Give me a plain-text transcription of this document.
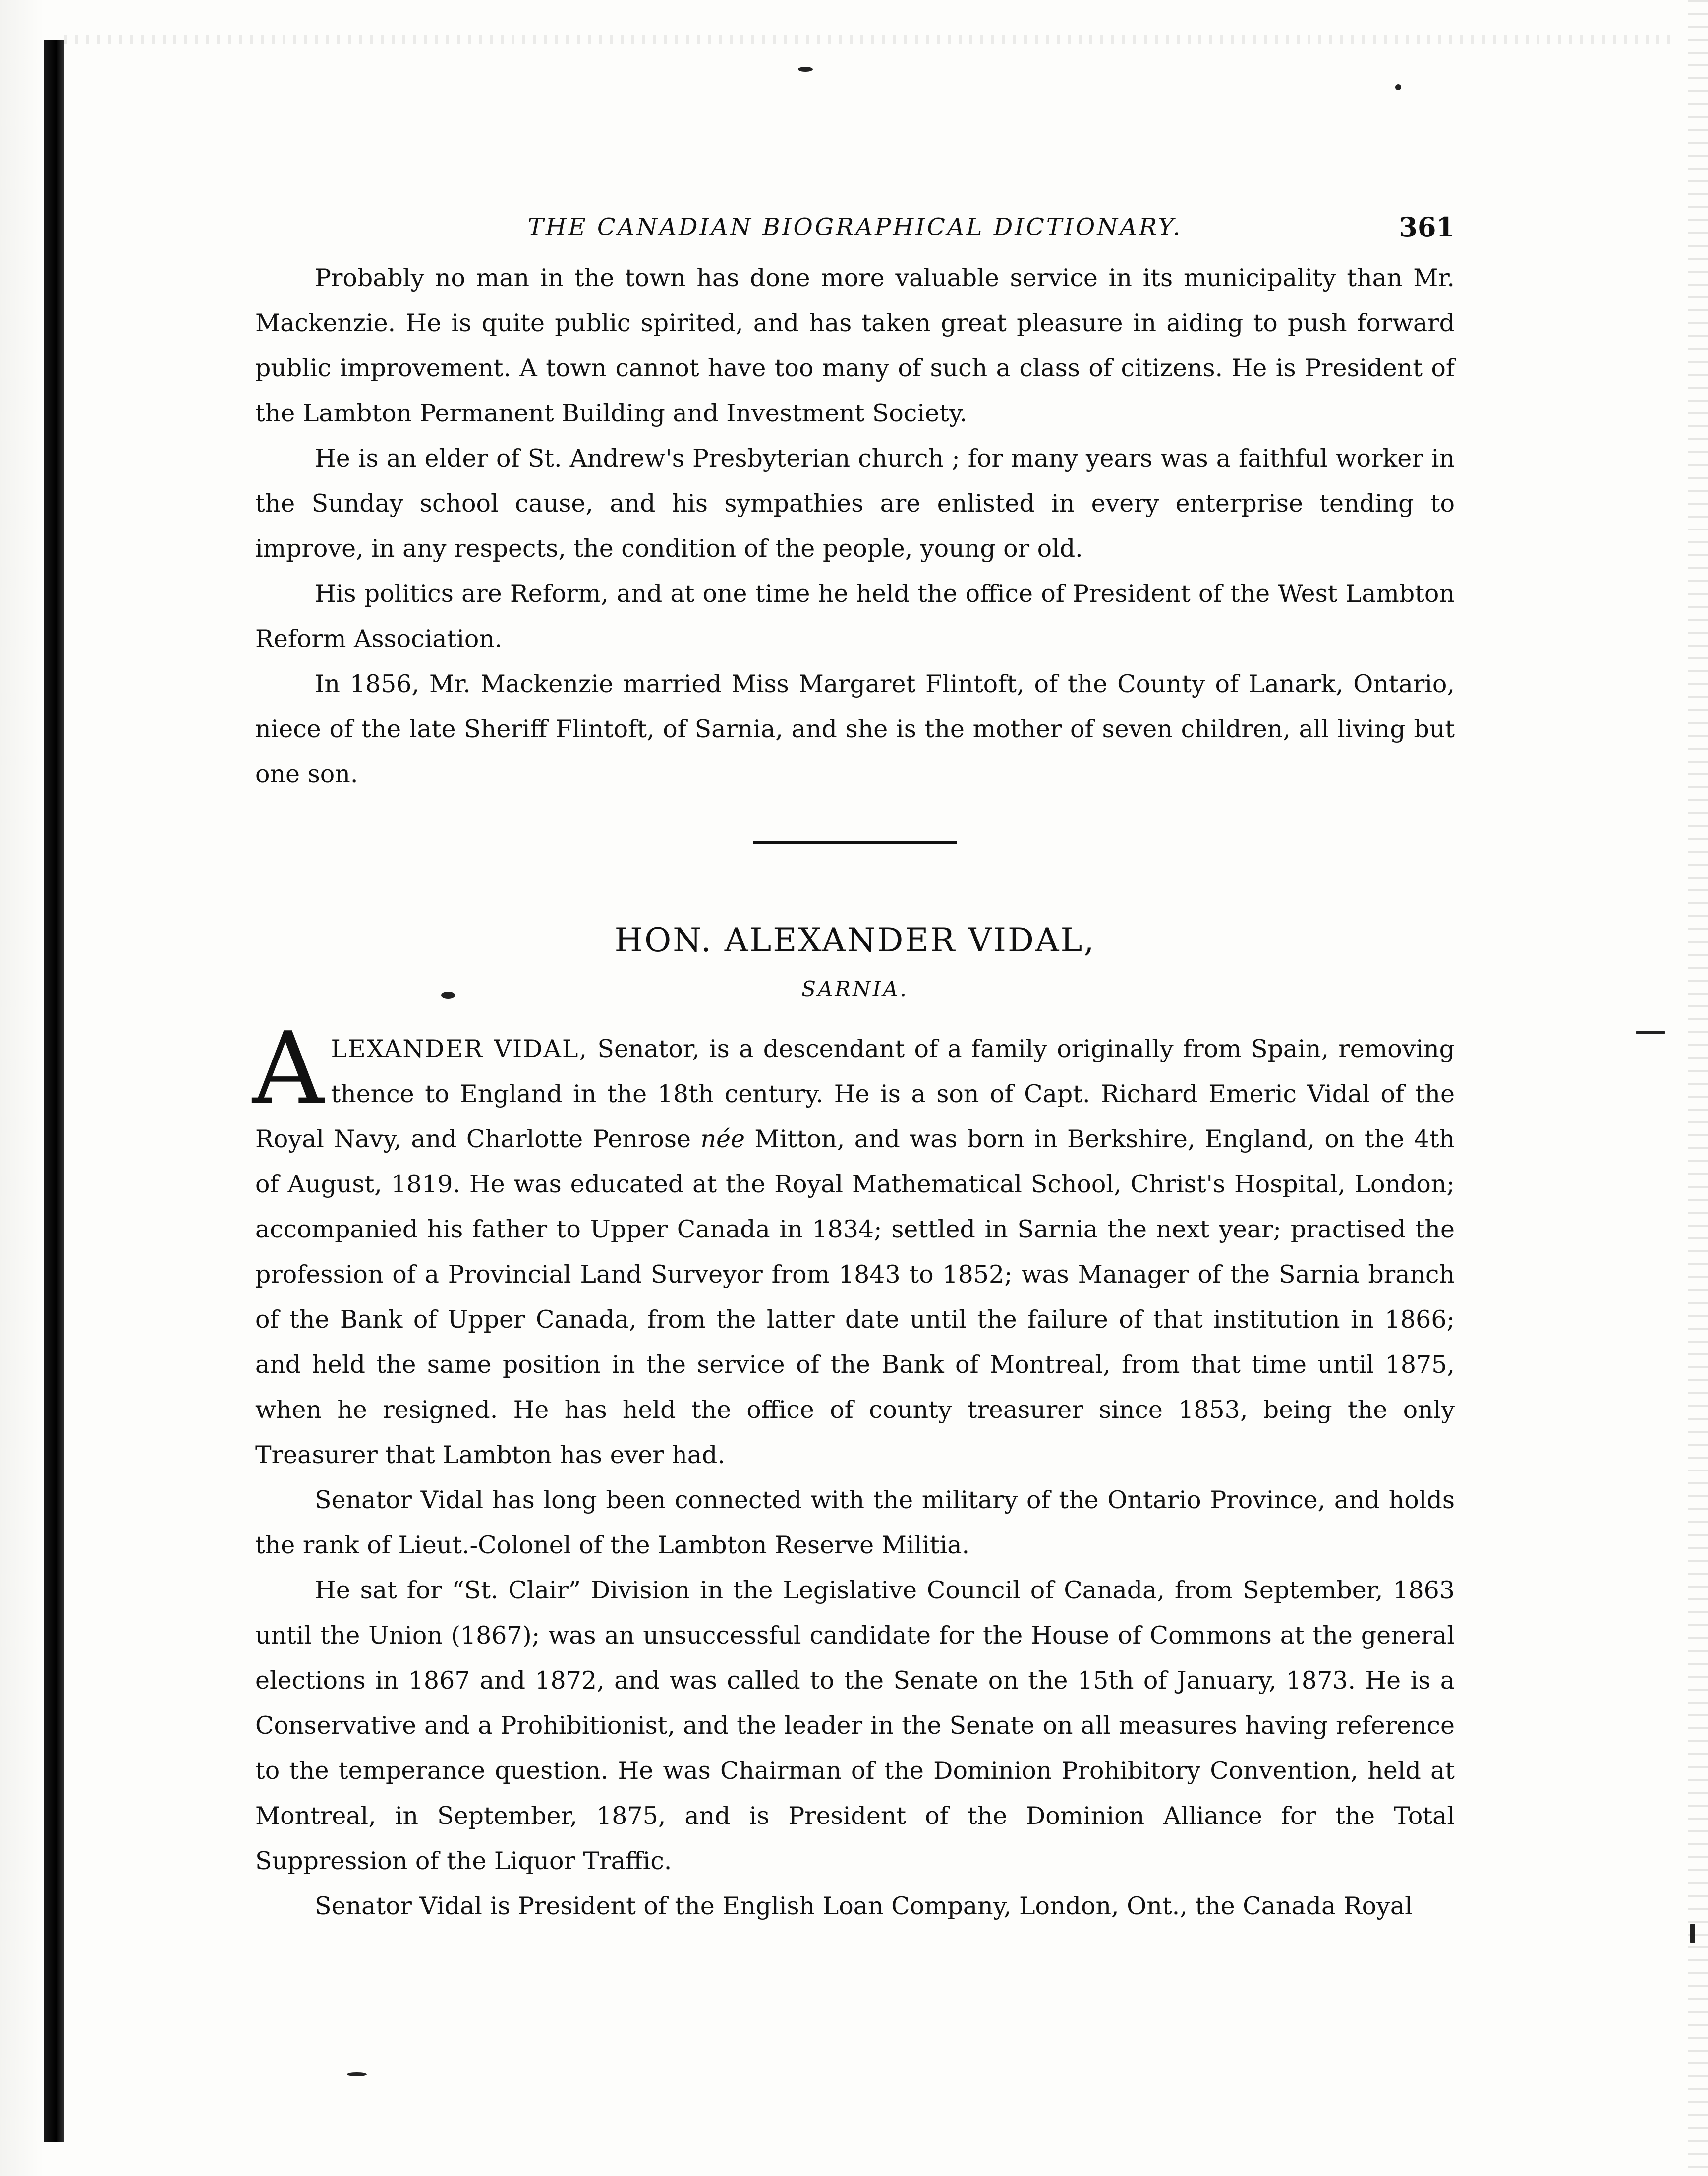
THE CANADIAN BIOGRAPHICAL DICTIONARY.	361

Probably no man in the town has done more valuable service in its municipality than Mr. Mackenzie. He is quite public spirited, and has taken great pleasure in aiding to push forward public improvement. A town cannot have too many of such a class of citizens. He is President of the Lambton Permanent Building and Investment Society.

He is an elder of St. Andrew's Presbyterian church ; for many years was a faithful worker in the Sunday school cause, and his sympathies are enlisted in every enterprise tending to improve, in any respects, the condition of the people, young or old.

His politics are Reform, and at one time he held the office of President of the West Lambton Reform Association.

In 1856, Mr. Mackenzie married Miss Margaret Flintoft, of the County of Lanark, Ontario, niece of the late Sheriff Flintoft, of Sarnia, and she is the mother of seven children, all living but one son.

HON. ALEXANDER VIDAL,
SARNIA.

ALEXANDER VIDAL, Senator, is a descendant of a family originally from Spain, removing thence to England in the 18th century. He is a son of Capt. Richard Emeric Vidal of the Royal Navy, and Charlotte Penrose née Mitton, and was born in Berkshire, England, on the 4th of August, 1819. He was educated at the Royal Mathematical School, Christ's Hospital, London; accompanied his father to Upper Canada in 1834; settled in Sarnia the next year; practised the profession of a Provincial Land Surveyor from 1843 to 1852; was Manager of the Sarnia branch of the Bank of Upper Canada, from the latter date until the failure of that institution in 1866; and held the same position in the service of the Bank of Montreal, from that time until 1875, when he resigned. He has held the office of county treasurer since 1853, being the only Treasurer that Lambton has ever had.

Senator Vidal has long been connected with the military of the Ontario Province, and holds the rank of Lieut.-Colonel of the Lambton Reserve Militia.

He sat for “St. Clair” Division in the Legislative Council of Canada, from September, 1863 until the Union (1867); was an unsuccessful candidate for the House of Commons at the general elections in 1867 and 1872, and was called to the Senate on the 15th of January, 1873. He is a Conservative and a Prohibitionist, and the leader in the Senate on all measures having reference to the temperance question. He was Chairman of the Dominion Prohibitory Convention, held at Montreal, in September, 1875, and is President of the Dominion Alliance for the Total Suppression of the Liquor Traffic.

Senator Vidal is President of the English Loan Company, London, Ont., the Canada Royal
